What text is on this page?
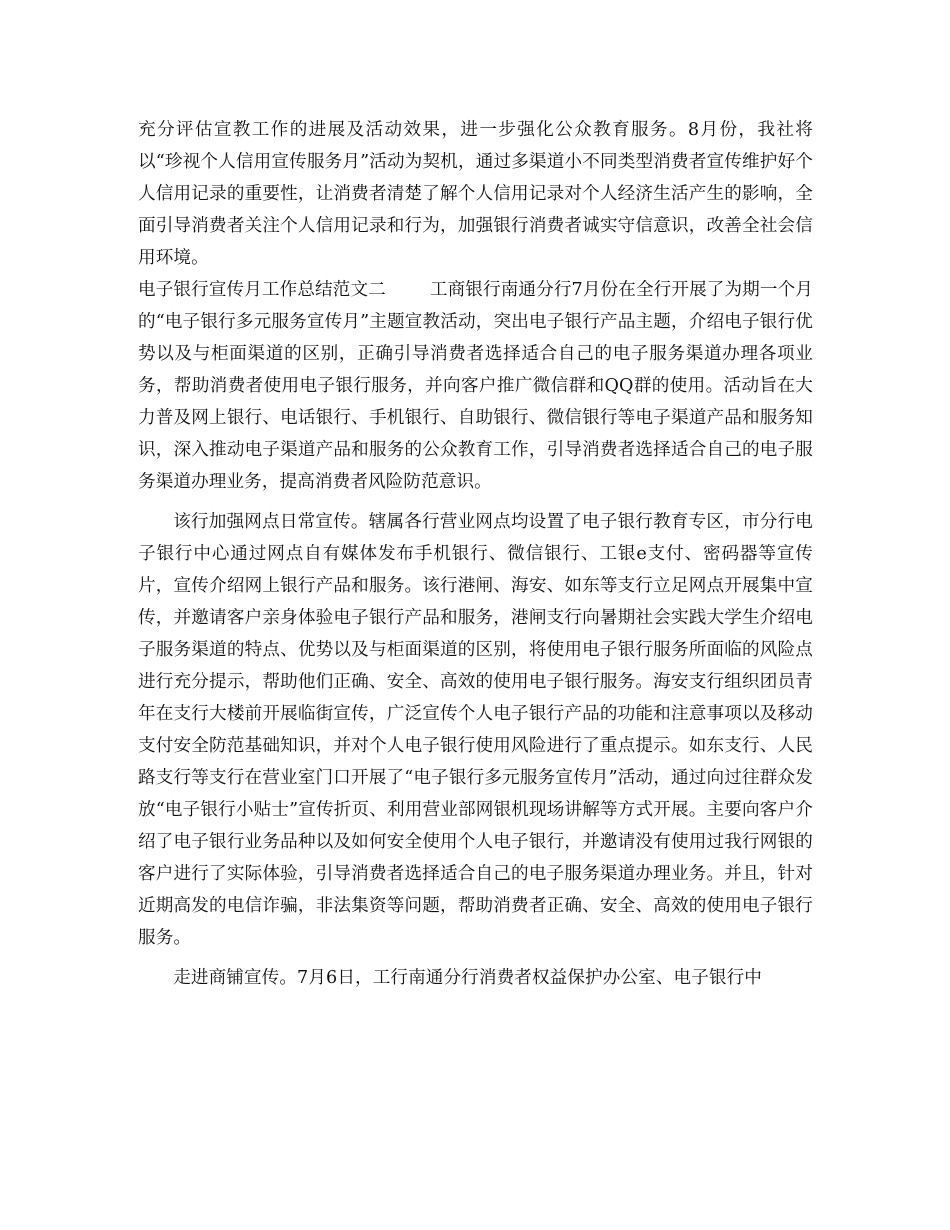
充分评估宣教工作的进展及活动效果，进一步强化公众教育服务。8月份，我社将以“珍视个人信用宣传服务月”活动为契机，通过多渠道小不同类型消费者宣传维护好个人信用记录的重要性，让消费者清楚了解个人信用记录对个人经济生活产生的影响，全面引导消费者关注个人信用记录和行为，加强银行消费者诚实守信意识，改善全社会信用环境。

电子银行宣传月工作总结范文二	工商银行南通分行7月份在全行开展了为期一个月的“电子银行多元服务宣传月”主题宣教活动，突出电子银行产品主题，介绍电子银行优势以及与柜面渠道的区别，正确引导消费者选择适合自己的电子服务渠道办理各项业务，帮助消费者使用电子银行服务，并向客户推广微信群和QQ群的使用。活动旨在大力普及网上银行、电话银行、手机银行、自助银行、微信银行等电子渠道产品和服务知识，深入推动电子渠道产品和服务的公众教育工作，引导消费者选择适合自己的电子服务渠道办理业务，提高消费者风险防范意识。

该行加强网点日常宣传。辖属各行营业网点均设置了电子银行教育专区，市分行电子银行中心通过网点自有媒体发布手机银行、微信银行、工银e支付、密码器等宣传片，宣传介绍网上银行产品和服务。该行港闸、海安、如东等支行立足网点开展集中宣传，并邀请客户亲身体验电子银行产品和服务，港闸支行向暑期社会实践大学生介绍电子服务渠道的特点、优势以及与柜面渠道的区别，将使用电子银行服务所面临的风险点进行充分提示，帮助他们正确、安全、高效的使用电子银行服务。海安支行组织团员青年在支行大楼前开展临街宣传，广泛宣传个人电子银行产品的功能和注意事项以及移动支付安全防范基础知识，并对个人电子银行使用风险进行了重点提示。如东支行、人民路支行等支行在营业室门口开展了“电子银行多元服务宣传月”活动，通过向过往群众发放“电子银行小贴士”宣传折页、利用营业部网银机现场讲解等方式开展。主要向客户介绍了电子银行业务品种以及如何安全使用个人电子银行，并邀请没有使用过我行网银的客户进行了实际体验，引导消费者选择适合自己的电子服务渠道办理业务。并且，针对近期高发的电信诈骗，非法集资等问题，帮助消费者正确、安全、高效的使用电子银行服务。

走进商铺宣传。7月6日，工行南通分行消费者权益保护办公室、电子银行中
